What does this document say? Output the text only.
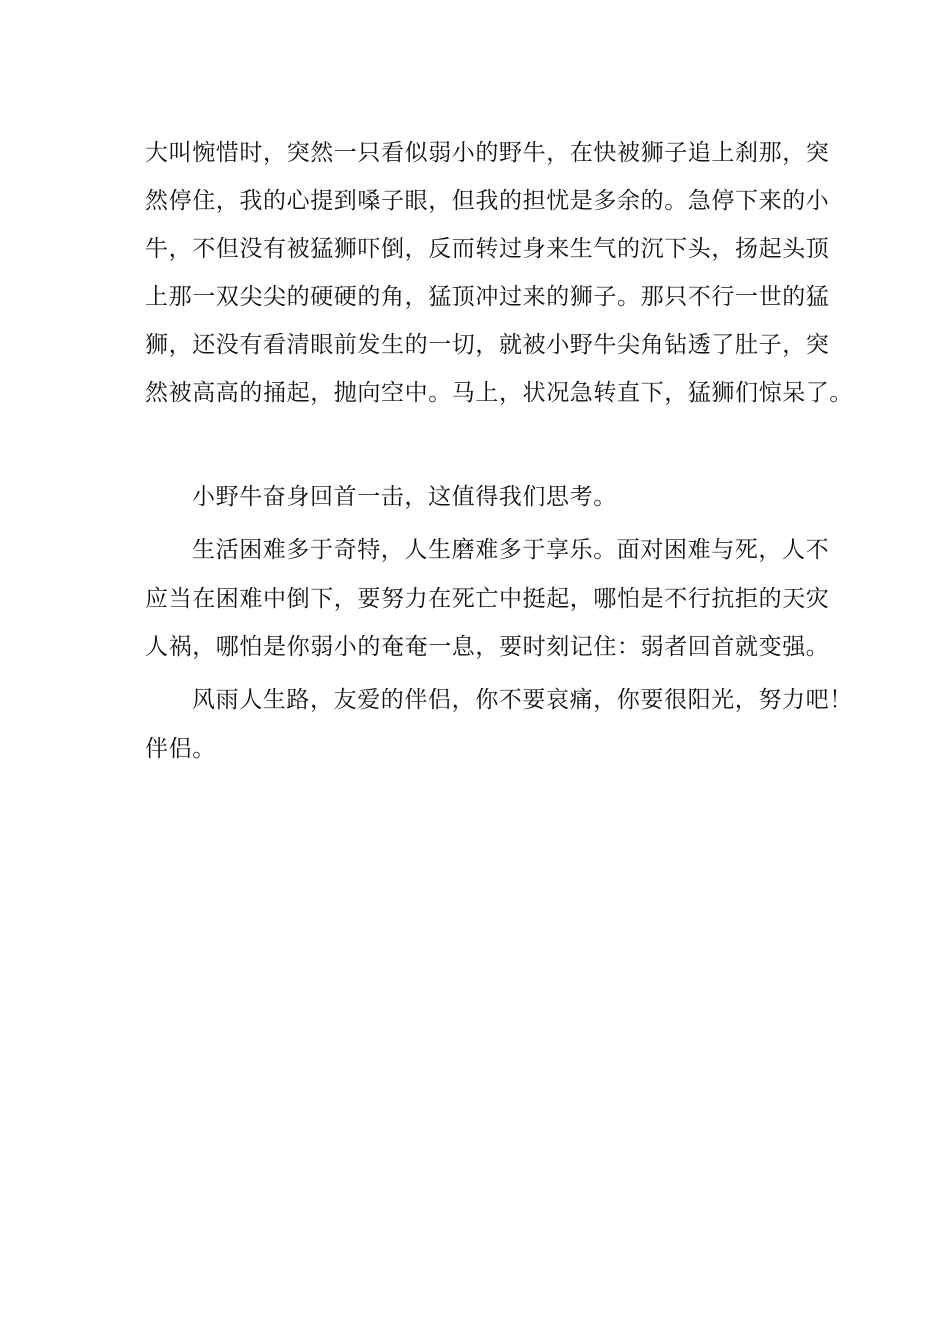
大叫惋惜时，突然一只看似弱小的野牛，在快被狮子追上刹那，突
然停住，我的心提到嗓子眼，但我的担忧是多余的。急停下来的小
牛，不但没有被猛狮吓倒，反而转过身来生气的沉下头，扬起头顶
上那一双尖尖的硬硬的角，猛顶冲过来的狮子。那只不行一世的猛
狮，还没有看清眼前发生的一切，就被小野牛尖角钻透了肚子，突
然被高高的捅起，抛向空中。马上，状况急转直下，猛狮们惊呆了。
小野牛奋身回首一击，这值得我们思考。
生活困难多于奇特，人生磨难多于享乐。面对困难与死，人不
应当在困难中倒下，要努力在死亡中挺起，哪怕是不行抗拒的天灾
人祸，哪怕是你弱小的奄奄一息，要时刻记住：弱者回首就变强。
风雨人生路，友爱的伴侣，你不要哀痛，你要很阳光，努力吧！
伴侣。
